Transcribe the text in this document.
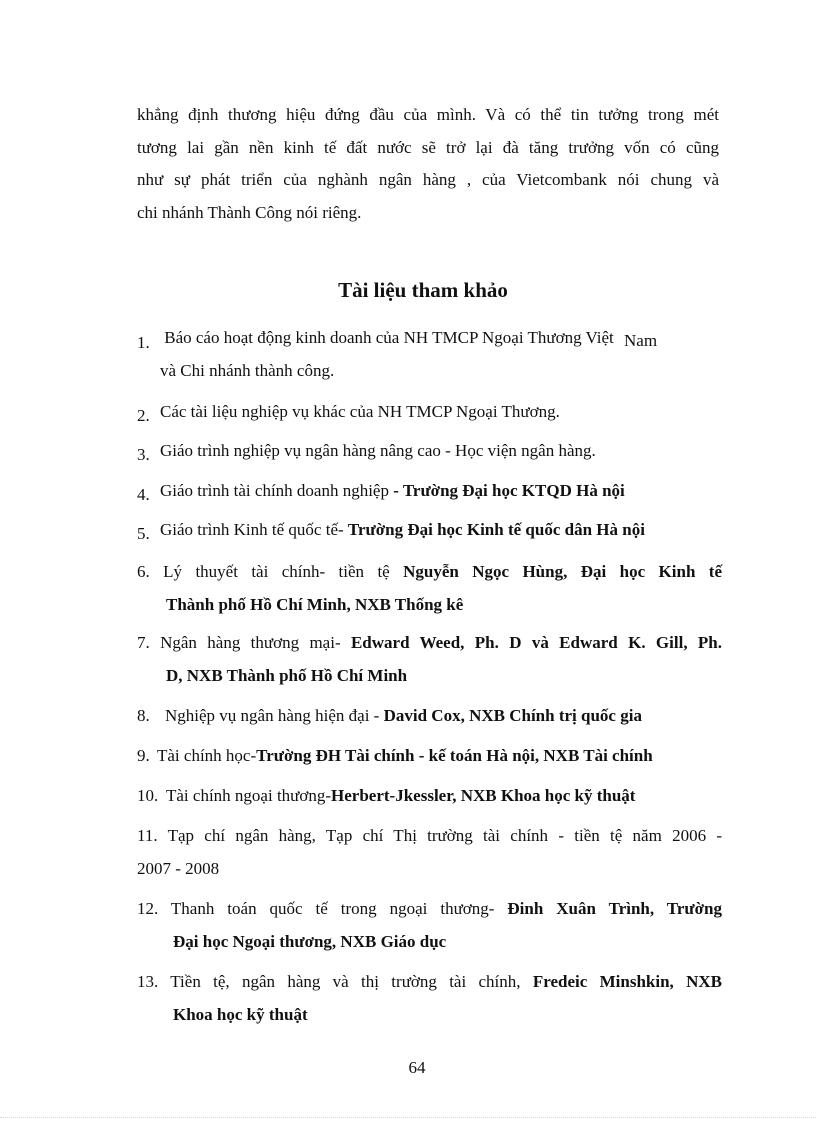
khẳng định thương hiệu đứng đầu của mình. Và có thể tin tưởng trong mét
tương lai gần nền kinh tế đất nước sẽ trở lại đà tăng trưởng vốn có cũng
như sự phát triển của nghành ngân hàng , của Vietcombank nói chung và
chi nhánh Thành Công nói riêng.
Tài liệu tham khảo
1. Báo cáo hoạt động kinh doanh của NH TMCP Ngoại Thương Việt Nam
và Chi nhánh thành công.
2. Các tài liệu nghiệp vụ khác của NH TMCP Ngoại Thương.
3. Giáo trình nghiệp vụ ngân hàng nâng cao - Học viện ngân hàng.
4. Giáo trình tài chính doanh nghiệp - Trường Đại học KTQD Hà nội
5. Giáo trình Kinh tế quốc tế- Trường Đại học Kinh tế quốc dân Hà nội
6. Lý thuyết tài chính- tiền tệ Nguyễn Ngọc Hùng, Đại học Kinh tế
Thành phố Hồ Chí Minh, NXB Thống kê
7. Ngân hàng thương mại- Edward Weed, Ph. D và Edward K. Gill, Ph.
D, NXB Thành phố Hồ Chí Minh
8. Nghiệp vụ ngân hàng hiện đại - David Cox, NXB Chính trị quốc gia
9. Tài chính học-Trường ĐH Tài chính - kế toán Hà nội, NXB Tài chính
10. Tài chính ngoại thương-Herbert-Jkessler, NXB Khoa học kỹ thuật
11. Tạp chí ngân hàng, Tạp chí Thị trường tài chính - tiền tệ năm 2006 -
2007 - 2008
12. Thanh toán quốc tế trong ngoại thương- Đinh Xuân Trình, Trường
Đại học Ngoại thương, NXB Giáo dục
13. Tiền tệ, ngân hàng và thị trường tài chính, Fredeic Minshkin, NXB
Khoa học kỹ thuật
64
